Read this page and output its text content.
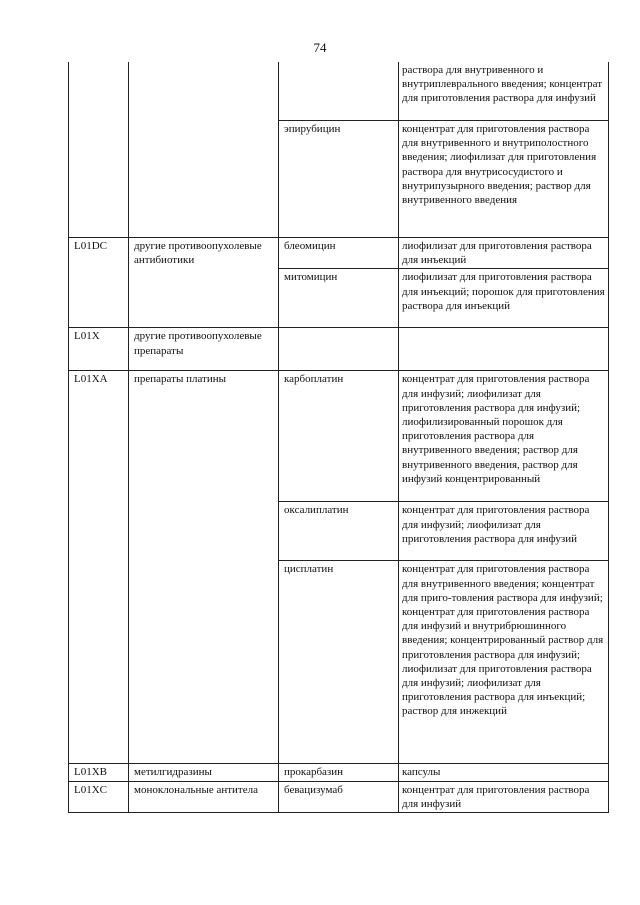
74
			раствора для внутривенного и внутриплеврального введения; концентрат для приготовления раствора для инфузий
		эпирубицин	концентрат для приготовления раствора для внутривенного и внутриполостного введения; лиофилизат для приготовления раствора для внутрисосудистого и внутрипузырного введения; раствор для внутривенного введения
L01DC	другие противоопухолевые антибиотики	блеомицин	лиофилизат для приготовления раствора для инъекций
		митомицин	лиофилизат для приготовления раствора для инъекций; порошок для приготовления раствора для инъекций
L01X	другие противоопухолевые препараты		
L01XA	препараты платины	карбоплатин	концентрат для приготовления раствора для инфузий; лиофилизат для приготовления раствора для инфузий; лиофилизированный порошок для приготовления раствора для внутривенного введения; раствор для внутривенного введения, раствор для инфузий концентрированный
		оксалиплатин	концентрат для приготовления раствора для инфузий; лиофилизат для приготовления раствора для инфузий
		цисплатин	концентрат для приготовления раствора для внутривенного введения; концентрат для приго-товления раствора для инфузий; концентрат для приготовления раствора для инфузий и внутрибрюшинного введения; концентрированный раствор для приготовления раствора для инфузий; лиофилизат для приготовления раствора для инфузий; лиофилизат для приготовления раствора для инъекций; раствор для инжекций
L01XB	метилгидразины	прокарбазин	капсулы
L01XC	моноклональные антитела	бевацизумаб	концентрат для приготовления раствора для инфузий
